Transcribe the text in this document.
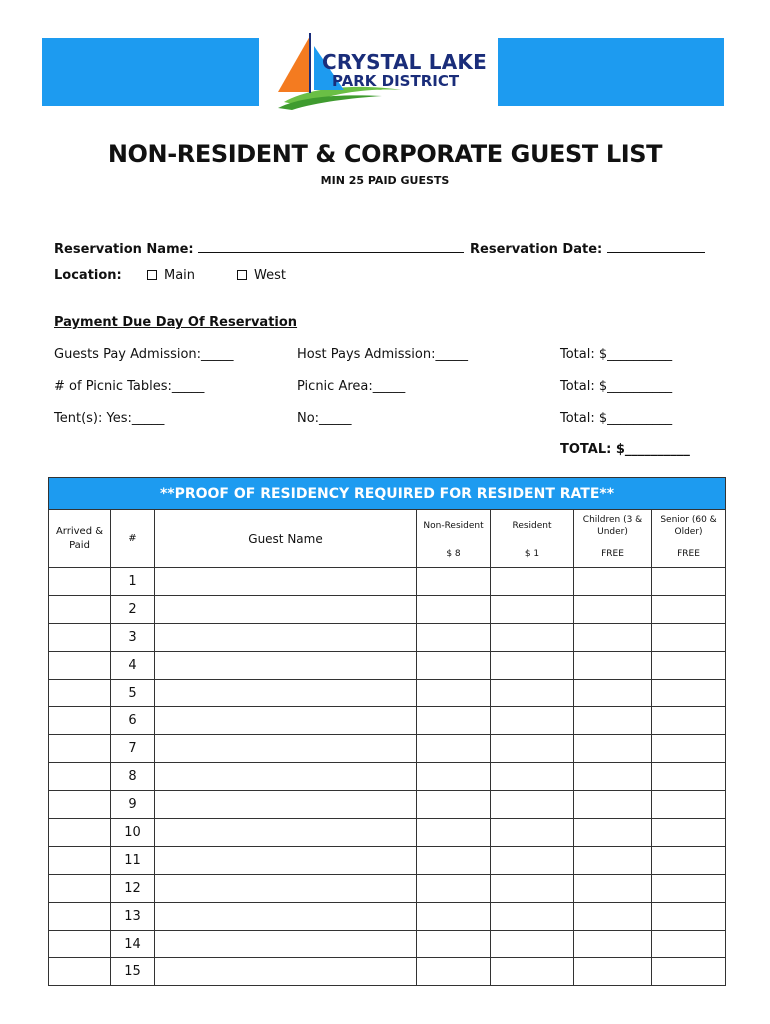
CRYSTAL LAKE
PARK DISTRICT
NON-RESIDENT & CORPORATE GUEST LIST
MIN 25 PAID GUESTS
Reservation Name:	Reservation Date:
Location:	Main	West
Payment Due Day Of Reservation
Guests Pay Admission:_____	Host Pays Admission:_____	Total: $__________
# of Picnic Tables:_____	Picnic Area:_____	Total: $__________
Tent(s): Yes:_____	No:_____	Total: $__________
TOTAL: $__________
**PROOF OF RESIDENCY REQUIRED FOR RESIDENT RATE**						
Arrived & Paid	#	Guest Name	Non-Resident	Resident	Children (3 & Under)	Senior (60 & Older)
			$ 8	$ 1	FREE	FREE
	1					
	2					
	3					
	4					
	5					
	6					
	7					
	8					
	9					
	10					
	11					
	12					
	13					
	14					
	15					
